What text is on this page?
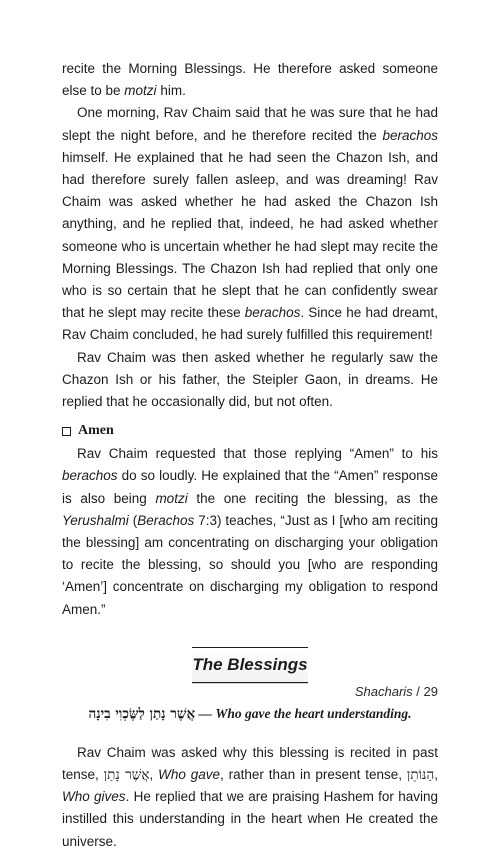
recite the Morning Blessings. He therefore asked someone else to be motzi him.

One morning, Rav Chaim said that he was sure that he had slept the night before, and he therefore recited the berachos himself. He explained that he had seen the Chazon Ish, and had therefore surely fallen asleep, and was dreaming! Rav Chaim was asked whether he had asked the Chazon Ish anything, and he replied that, indeed, he had asked whether someone who is uncertain whether he had slept may recite the Morning Blessings. The Chazon Ish had replied that only one who is so certain that he slept that he can confidently swear that he slept may recite these berachos. Since he had dreamt, Rav Chaim concluded, he had surely fulfilled this requirement!

Rav Chaim was then asked whether he regularly saw the Chazon Ish or his father, the Steipler Gaon, in dreams. He replied that he occasionally did, but not often.

Amen

Rav Chaim requested that those replying “Amen” to his berachos do so loudly. He explained that the “Amen” response is also being motzi the one reciting the blessing, as the Yerushalmi (Berachos 7:3) teaches, “Just as I [who am reciting the blessing] am concentrating on discharging your obligation to recite the blessing, so should you [who are responding ‘Amen’] concentrate on discharging my obligation to respond Amen.”

The Blessings
אֲשֶׁר נָתַן לַשֶּׂכְוִי בִינָה — Who gave the heart understanding.

Rav Chaim was asked why this blessing is recited in past tense, אֲשֶׁר נָתַן, Who gave, rather than in present tense, הַנּוֹתֵן, Who gives. He replied that we are praising Hashem for having instilled this understanding in the heart when He created the universe.

Shacharis / 29
